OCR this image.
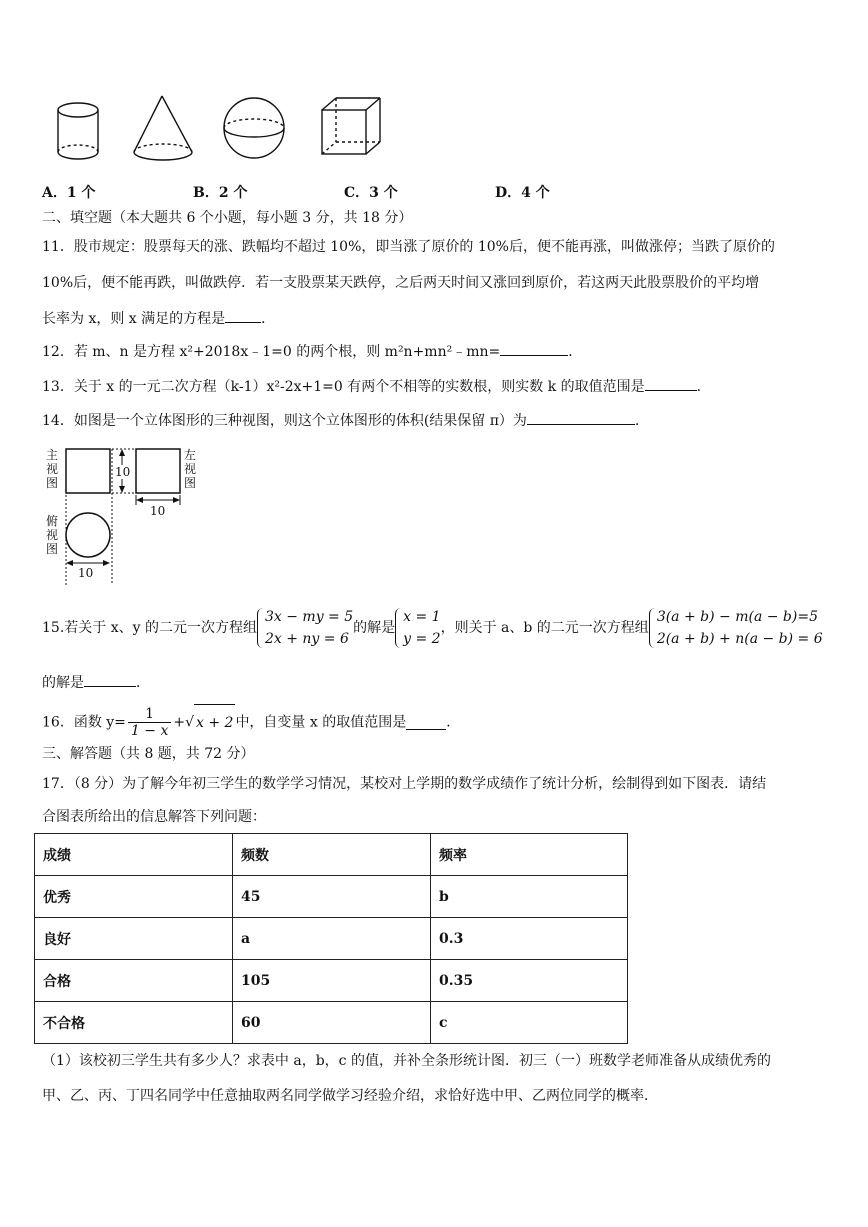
A．1 个	B．2 个	C．3 个	D．4 个
二、填空题（本大题共 6 个小题，每小题 3 分，共 18 分）
11．股市规定：股票每天的涨、跌幅均不超过 10%，即当涨了原价的 10%后，便不能再涨，叫做涨停；当跌了原价的
10%后，便不能再跌，叫做跌停．若一支股票某天跌停，之后两天时间又涨回到原价，若这两天此股票股价的平均增
长率为 x，则 x 满足的方程是	．
12．若 m、n 是方程 x²+2018x﹣1=0 的两个根，则 m²n+mn²﹣mn=	．
13．关于 x 的一元二次方程（k-1）x²-2x+1=0 有两个不相等的实数根，则实数 k 的取值范围是	．
14．如图是一个立体图形的三种视图，则这个立体图形的体积(结果保留 π）为	．
主
视
图
10
左
视
图
10
俯
视
图
10
15.若关于 x、y 的二元一次方程组
3x − my = 5
2x + ny = 6
的解是
x = 1
y = 2
，则关于 a、b 的二元一次方程组
3(a + b) − m(a − b)=5
2(a + b) + n(a − b) = 6
的解是	．
16．函数 $y= \frac{1}{1 - x}$ +√ x + 2 中，自变量 x 的取值范围是	．
三、解答题（共 8 题，共 72 分）
17．（8 分）为了解今年初三学生的数学学习情况，某校对上学期的数学成绩作了统计分析，绘制得到如下图表．请结
合图表所给出的信息解答下列问题：
成绩	频数	频率
优秀	45	b
良好	a	0.3
合格	105	0.35
不合格	60	c
（1）该校初三学生共有多少人？求表中 a，b，c 的值，并补全条形统计图．初三（一）班数学老师准备从成绩优秀的
甲、乙、丙、丁四名同学中任意抽取两名同学做学习经验介绍，求恰好选中甲、乙两位同学的概率．
